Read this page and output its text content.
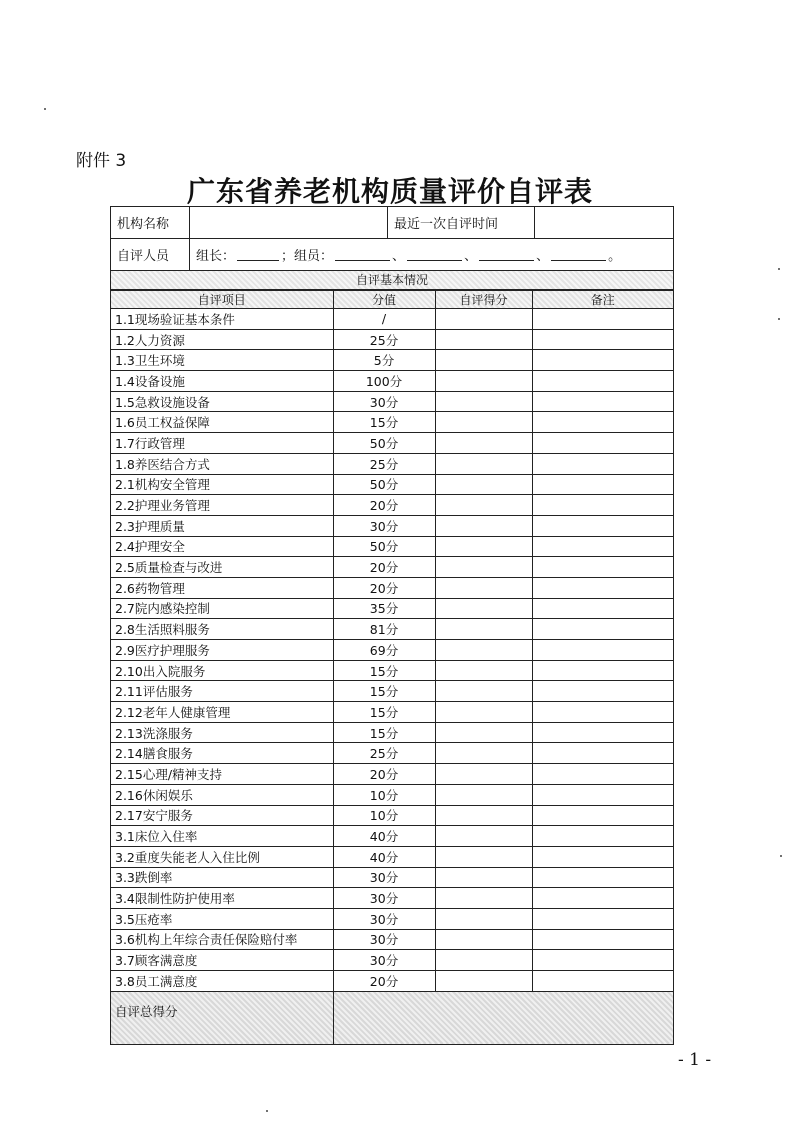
附件 3
广东省养老机构质量评价自评表
机构名称	最近一次自评时间
自评人员	组长：	； 组员：	、	、	、	。
自评基本情况
自评项目	分值	自评得分	备注
1.1现场验证基本条件	/		
1.2人力资源	25分		
1.3卫生环境	5分		
1.4设备设施	100分		
1.5急救设施设备	30分		
1.6员工权益保障	15分		
1.7行政管理	50分		
1.8养医结合方式	25分		
2.1机构安全管理	50分		
2.2护理业务管理	20分		
2.3护理质量	30分		
2.4护理安全	50分		
2.5质量检查与改进	20分		
2.6药物管理	20分		
2.7院内感染控制	35分		
2.8生活照料服务	81分		
2.9医疗护理服务	69分		
2.10出入院服务	15分		
2.11评估服务	15分		
2.12老年人健康管理	15分		
2.13洗涤服务	15分		
2.14膳食服务	25分		
2.15心理/精神支持	20分		
2.16休闲娱乐	10分		
2.17安宁服务	10分		
3.1床位入住率	40分		
3.2重度失能老人入住比例	40分		
3.3跌倒率	30分		
3.4限制性防护使用率	30分		
3.5压疮率	30分		
3.6机构上年综合责任保险赔付率	30分		
3.7顾客满意度	30分		
3.8员工满意度	20分		
自评总得分			
- 1 -
